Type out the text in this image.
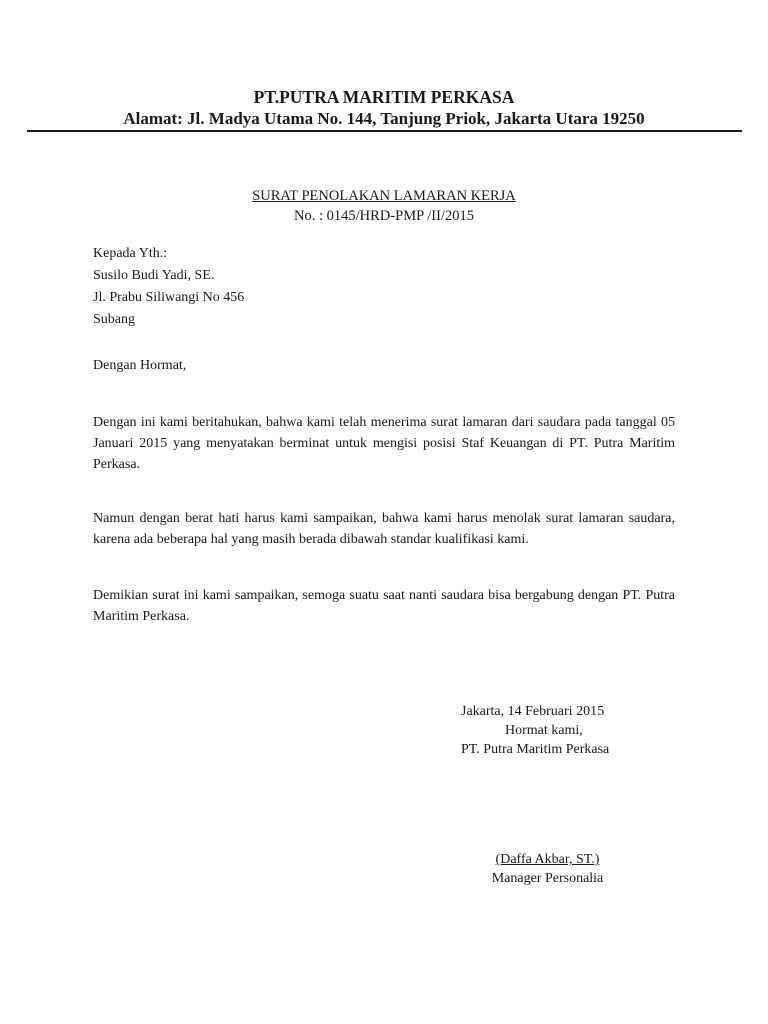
PT.PUTRA MARITIM PERKASA
Alamat: Jl. Madya Utama No. 144, Tanjung Priok, Jakarta Utara 19250
SURAT PENOLAKAN LAMARAN KERJA
No. : 0145/HRD-PMP /II/2015
Kepada Yth.:
Susilo Budi Yadi, SE.
Jl. Prabu Siliwangi No 456
Subang
Dengan Hormat,
Dengan ini kami beritahukan, bahwa kami telah menerima surat lamaran dari saudara pada tanggal 05 Januari 2015 yang menyatakan berminat untuk mengisi posisi Staf Keuangan di PT. Putra Maritim Perkasa.
Namun dengan berat hati harus kami sampaikan, bahwa kami harus menolak surat lamaran saudara, karena ada beberapa hal yang masih berada dibawah standar kualifikasi kami.
Demikian surat ini kami sampaikan, semoga suatu saat nanti saudara bisa bergabung dengan PT. Putra Maritim Perkasa.
Jakarta, 14 Februari 2015
Hormat kami,
PT. Putra Maritim Perkasa
(Daffa Akbar, ST.)
Manager Personalia
